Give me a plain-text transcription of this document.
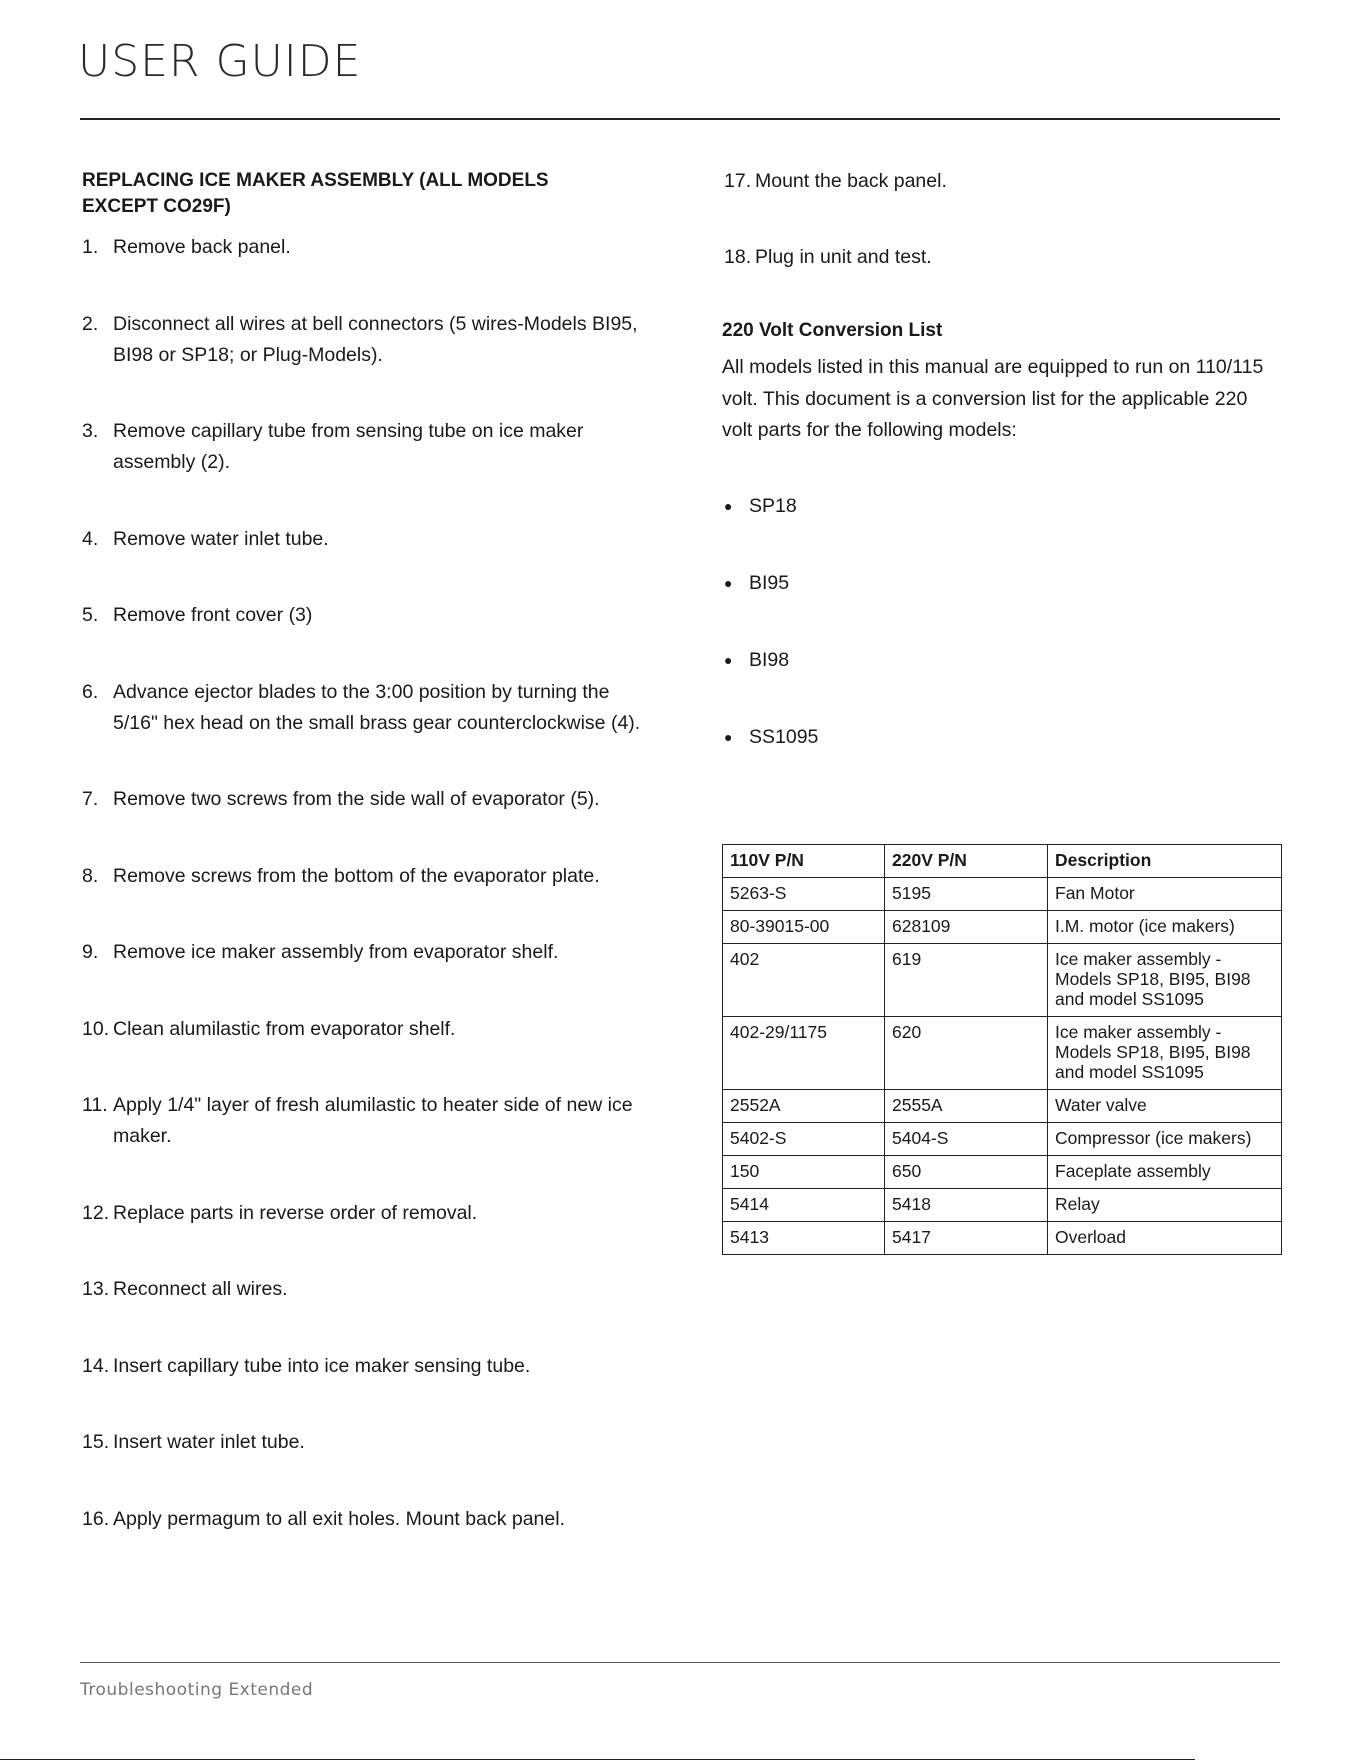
USER GUIDE
REPLACING ICE MAKER ASSEMBLY (ALL MODELS
EXCEPT CO29F)
1. Remove back panel.
2. Disconnect all wires at bell connectors (5 wires-Models BI95, BI98 or SP18; or Plug-Models).
3. Remove capillary tube from sensing tube on ice maker assembly (2).
4. Remove water inlet tube.
5. Remove front cover (3)
6. Advance ejector blades to the 3:00 position by turning the 5/16" hex head on the small brass gear counterclockwise (4).
7. Remove two screws from the side wall of evaporator (5).
8. Remove screws from the bottom of the evaporator plate.
9. Remove ice maker assembly from evaporator shelf.
10. Clean alumilastic from evaporator shelf.
11. Apply 1/4" layer of fresh alumilastic to heater side of new ice maker.
12. Replace parts in reverse order of removal.
13. Reconnect all wires.
14. Insert capillary tube into ice maker sensing tube.
15. Insert water inlet tube.
16. Apply permagum to all exit holes. Mount back panel.
17. Mount the back panel.
18. Plug in unit and test.
220 Volt Conversion List
All models listed in this manual are equipped to run on 110/115 volt. This document is a conversion list for the applicable 220 volt parts for the following models:
● SP18
● BI95
● BI98
● SS1095
110V P/N	220V P/N	Description
5263-S	5195	Fan Motor
80-39015-00	628109	I.M. motor (ice makers)
402	619	Ice maker assembly - Models SP18, BI95, BI98 and model SS1095
402-29/1175	620	Ice maker assembly - Models SP18, BI95, BI98 and model SS1095
2552A	2555A	Water valve
5402-S	5404-S	Compressor (ice makers)
150	650	Faceplate assembly
5414	5418	Relay
5413	5417	Overload
Troubleshooting Extended
